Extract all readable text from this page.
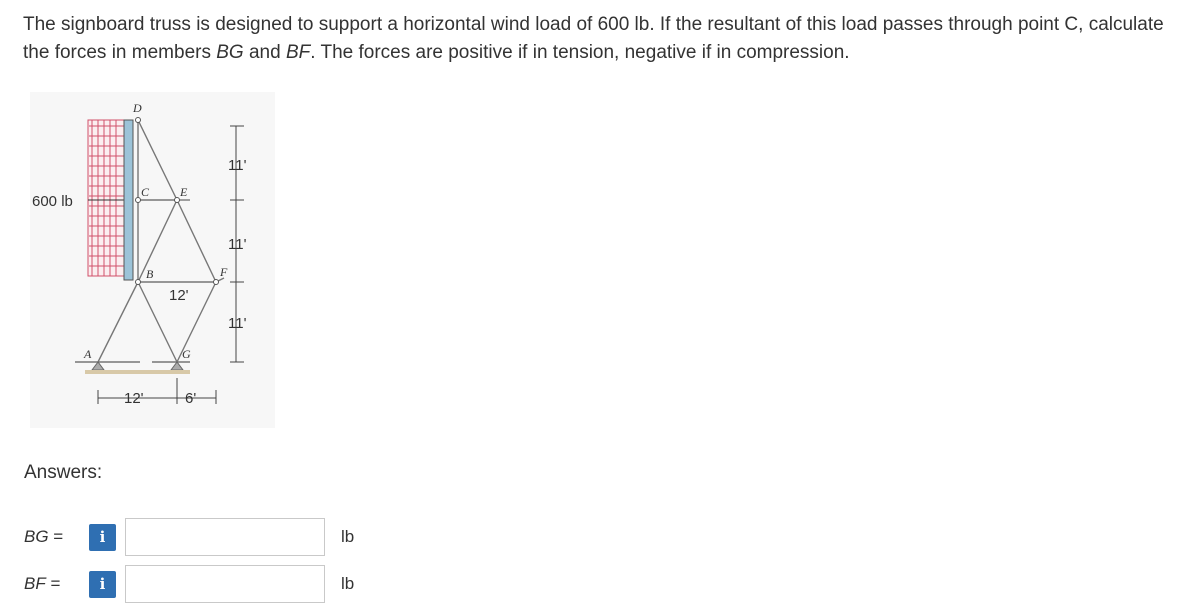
The signboard truss is designed to support a horizontal wind load of 600 lb. If the resultant of this load passes through point C, calculate the forces in members BG and BF. The forces are positive if in tension, negative if in compression.

D
C	E
B	F
A	G
11'
11'
11'
12'
12'	6'
600 lb
Answers:
BG =	i	lb
BF =	i	lb
